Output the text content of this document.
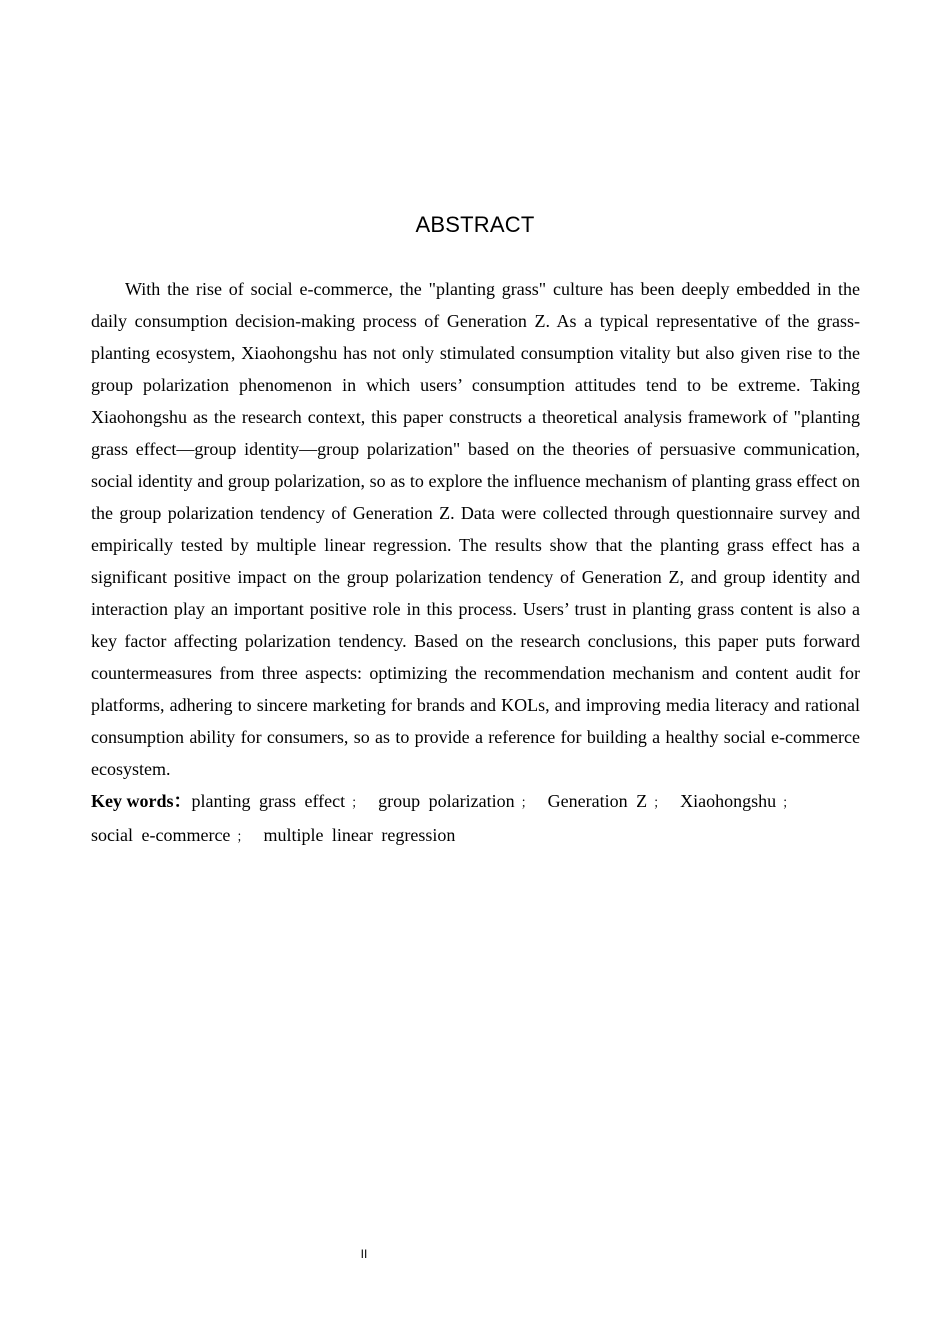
ABSTRACT

With the rise of social e-commerce, the "planting grass" culture has been deeply embedded in the daily consumption decision-making process of Generation Z. As a typical representative of the grass-planting ecosystem, Xiaohongshu has not only stimulated consumption vitality but also given rise to the group polarization phenomenon in which users’ consumption attitudes tend to be extreme. Taking Xiaohongshu as the research context, this paper constructs a theoretical analysis framework of "planting grass effect—group identity—group polarization" based on the theories of persuasive communication, social identity and group polarization, so as to explore the influence mechanism of planting grass effect on the group polarization tendency of Generation Z. Data were collected through questionnaire survey and empirically tested by multiple linear regression. The results show that the planting grass effect has a significant positive impact on the group polarization tendency of Generation Z, and group identity and interaction play an important positive role in this process. Users’ trust in planting grass content is also a key factor affecting polarization tendency. Based on the research conclusions, this paper puts forward countermeasures from three aspects: optimizing the recommendation mechanism and content audit for platforms, adhering to sincere marketing for brands and KOLs, and improving media literacy and rational consumption ability for consumers, so as to provide a reference for building a healthy social e-commerce ecosystem.

Key words：planting grass effect ； group polarization ； Generation Z ； Xiaohongshu ；
social e-commerce ； multiple linear regression

II
